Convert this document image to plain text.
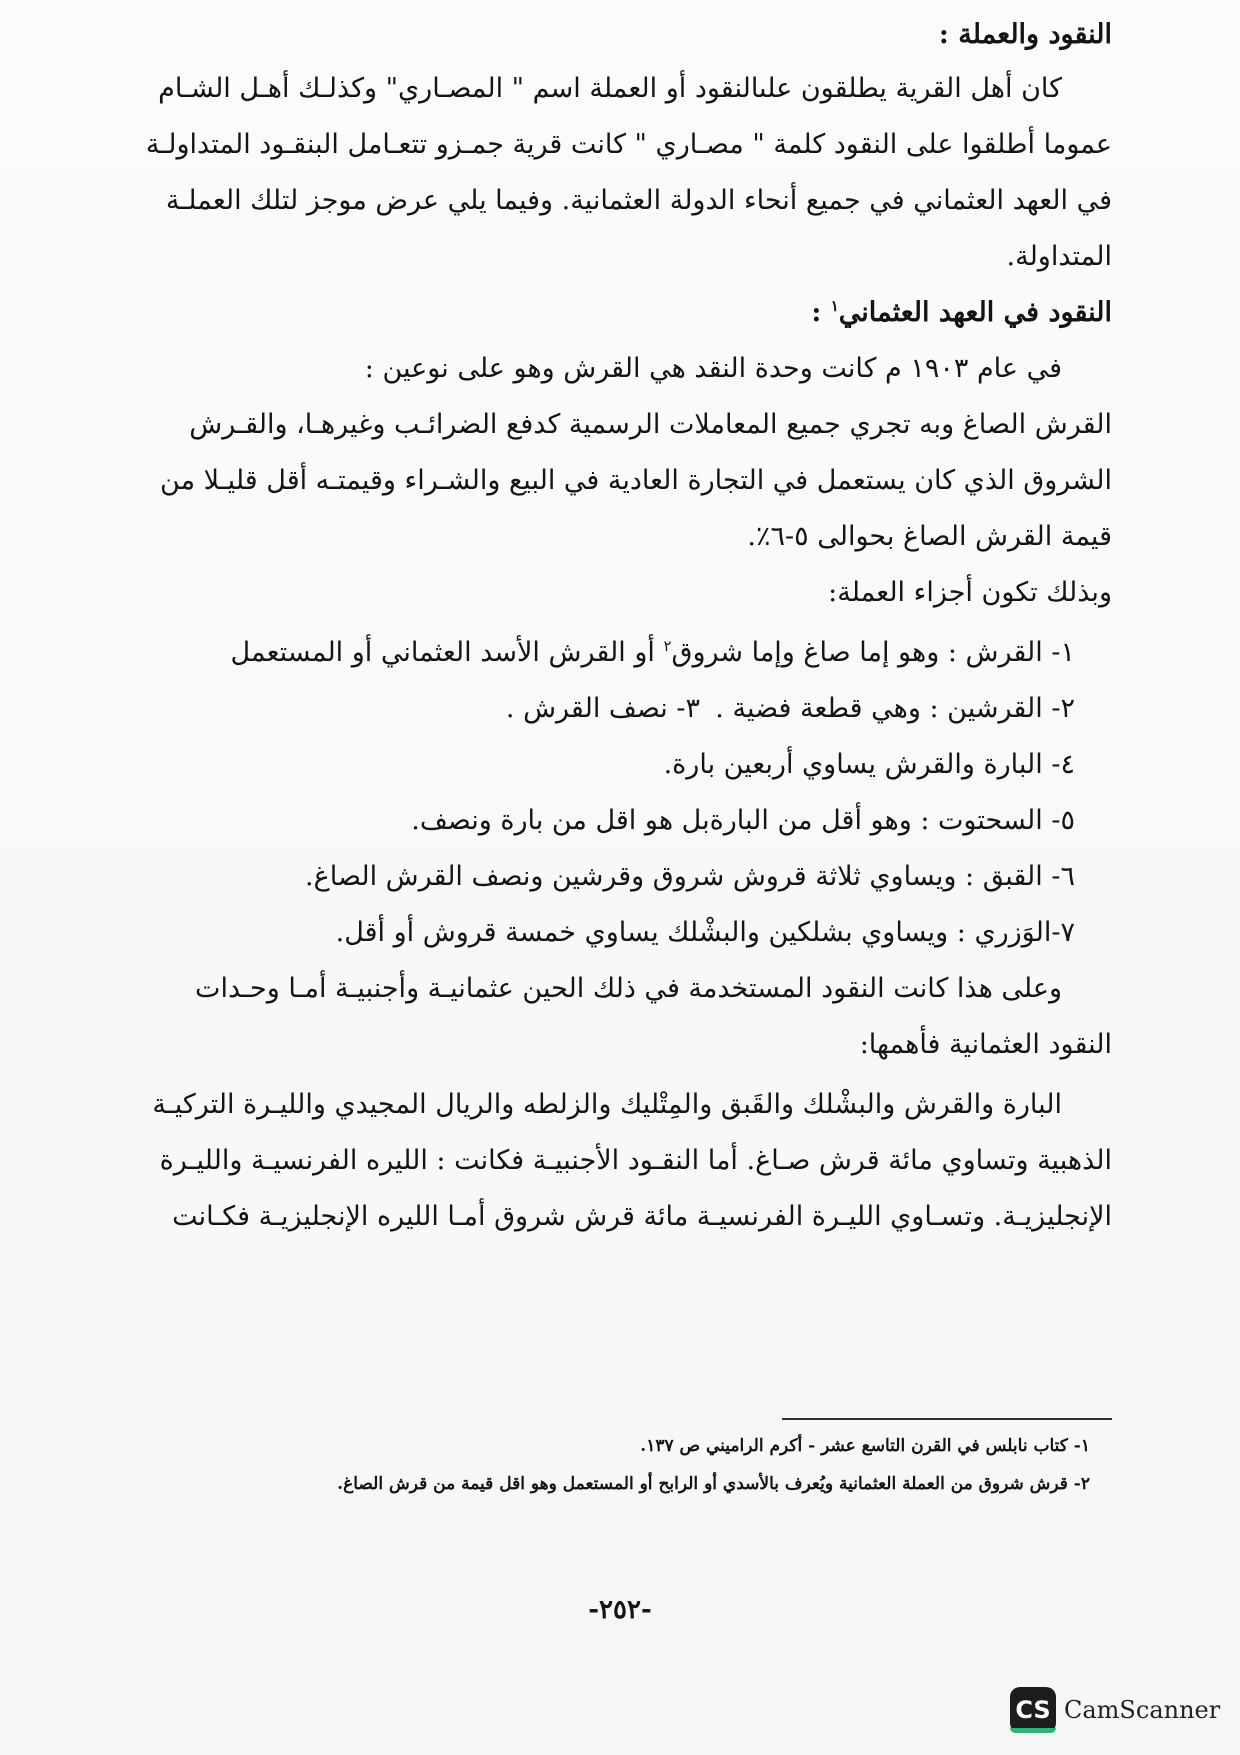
النقود والعملة :
كان أهل القرية يطلقون علىالنقود أو العملة اسم " المصـاري" وكذلـك أهـل الشـام
عموما أطلقوا على النقود كلمة " مصـاري " كانت قرية جمـزو تتعـامل البنقـود المتداولـة
في العهد العثماني في جميع أنحاء الدولة العثمانية. وفيما يلي عرض موجز لتلك العملـة
المتداولة.
النقود في العهد العثماني$^١$ :
في عام ١٩٠٣ م كانت وحدة النقد هي القرش وهو على نوعين :
القرش الصاغ وبه تجري جميع المعاملات الرسمية كدفع الضرائـب وغيرهـا، والقـرش
الشروق الذي كان يستعمل في التجارة العادية في البيع والشـراء وقيمتـه أقل قليـلا من
قيمة القرش الصاغ بحوالى ٥-٦٪.
وبذلك تكون أجزاء العملة:
١- القرش : وهو إما صاغ وإما شروق$^٢$ أو القرش الأسد العثماني أو المستعمل
٢- القرشين : وهي قطعة فضية .
٣- نصف القرش .
٤- البارة والقرش يساوي أربعين بارة.
٥- السحتوت : وهو أقل من البارةبل هو اقل من بارة ونصف.
٦- القبق : ويساوي ثلاثة قروش شروق وقرشين ونصف القرش الصاغ.
٧-الوَزري : ويساوي بشلكين والبشْلك يساوي خمسة قروش أو أقل.
وعلى هذا كانت النقود المستخدمة في ذلك الحين عثمانيـة وأجنبيـة أمـا وحـدات
النقود العثمانية فأهمها:
البارة والقرش والبشْلك والقَبق والمِتْليك والزلطه والريال المجيدي والليـرة التركيـة
الذهبية وتساوي مائة قرش صـاغ. أما النقـود الأجنبيـة فكانت : الليره الفرنسيـة والليـرة
الإنجليزيـة. وتسـاوي الليـرة الفرنسيـة مائة قرش شروق أمـا الليره الإنجليزيـة فكـانت
١- كتاب نابلس في القرن التاسع عشر - أكرم الراميني ص ١٣٧.
٢- قرش شروق من العملة العثمانية ويُعرف بالأسدي أو الرابح أو المستعمل وهو اقل قيمة من قرش الصاغ.
-٢٥٢-
CS CamScanner
